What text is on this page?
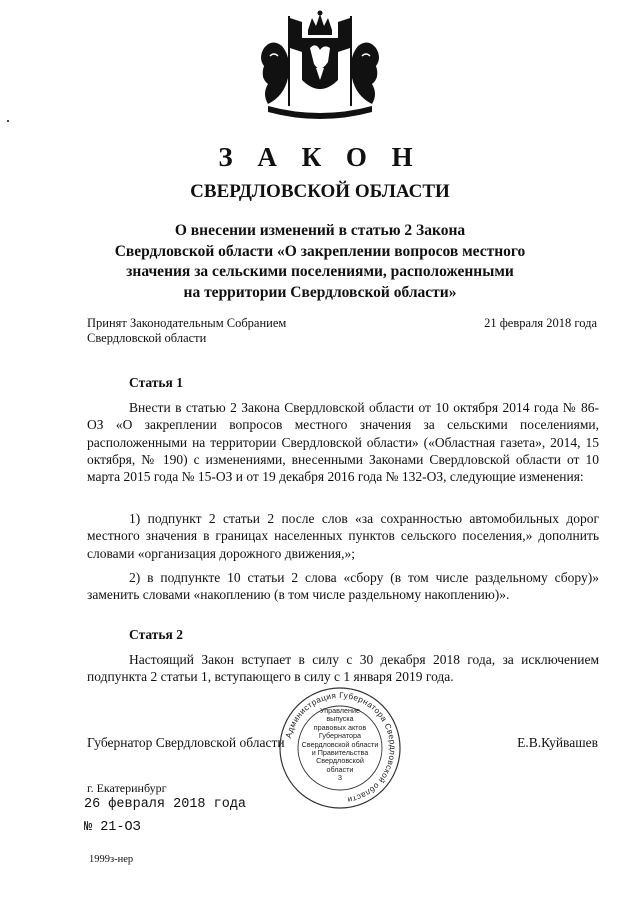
З А К О Н
СВЕРДЛОВСКОЙ ОБЛАСТИ
О внесении изменений в статью 2 Закона
Свердловской области «О закреплении вопросов местного
значения за сельскими поселениями, расположенными
на территории Свердловской области»
Принят Законодательным Собранием
Свердловской области
21 февраля 2018 года
Статья 1
Внести в статью 2 Закона Свердловской области от 10 октября 2014 года № 86-ОЗ «О закреплении вопросов местного значения за сельскими поселениями, расположенными на территории Свердловской области» («Областная газета», 2014, 15 октября, № 190) с изменениями, внесенными Законами Свердловской области от 10 марта 2015 года № 15-ОЗ и от 19 декабря 2016 года № 132-ОЗ, следующие изменения:
1) подпункт 2 статьи 2 после слов «за сохранностью автомобильных дорог местного значения в границах населенных пунктов сельского поселения,» дополнить словами «организация дорожного движения,»;
2) в подпункте 10 статьи 2 слова «сбору (в том числе раздельному сбору)» заменить словами «накоплению (в том числе раздельному накоплению)».
Статья 2
Настоящий Закон вступает в силу с 30 декабря 2018 года, за исключением подпункта 2 статьи 1, вступающего в силу с 1 января 2019 года.
Администрация Губернатора Свердловской области
Управление
выпуска
правовых актов
Губернатора
Свердловской области
и Правительства
Свердловской
области
3
Губернатор Свердловской области	Е.В.Куйвашев
г. Екатеринбург
26 февраля 2018 года
№ 21-ОЗ
1999з-нер
